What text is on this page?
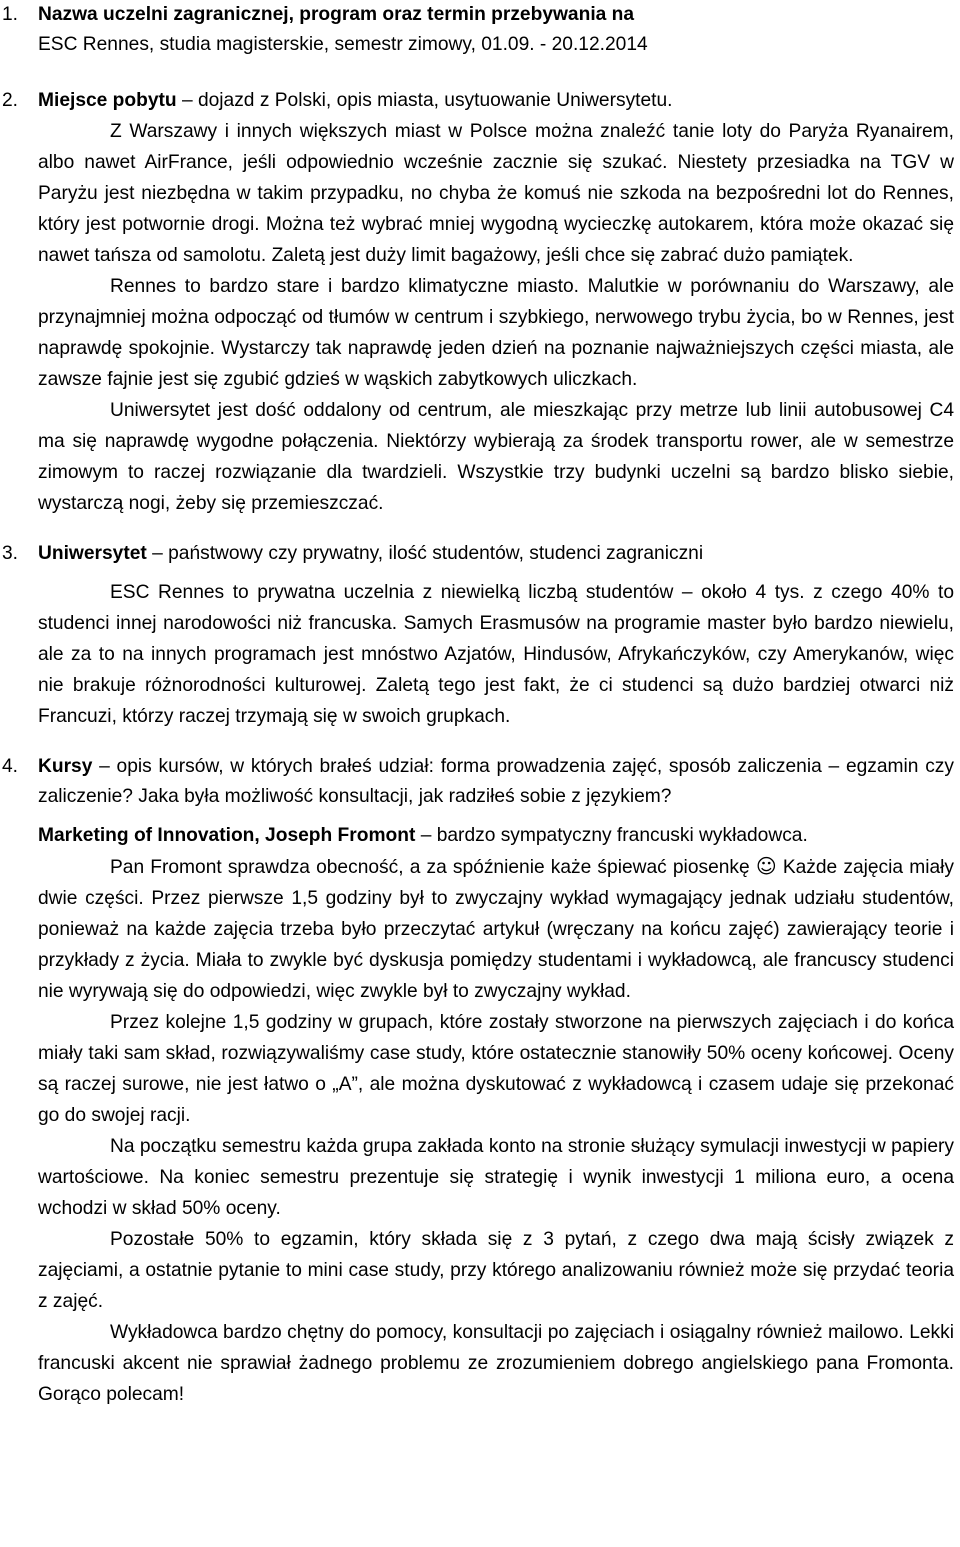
1.	Nazwa uczelni zagranicznej, program oraz termin przebywania na
ESC Rennes, studia magisterskie, semestr zimowy, 01.09. - 20.12.2014
2.	Miejsce pobytu – dojazd z Polski, opis miasta, usytuowanie Uniwersytetu.

Z Warszawy i innych większych miast w Polsce można znaleźć tanie loty do Paryża Ryanairem, albo nawet AirFrance, jeśli odpowiednio wcześnie zacznie się szukać. Niestety przesiadka na TGV w Paryżu jest niezbędna w takim przypadku, no chyba że komuś nie szkoda na bezpośredni lot do Rennes, który jest potwornie drogi. Można też wybrać mniej wygodną wycieczkę autokarem, która może okazać się nawet tańsza od samolotu. Zaletą jest duży limit bagażowy, jeśli chce się zabrać dużo pamiątek.

Rennes to bardzo stare i bardzo klimatyczne miasto. Malutkie w porównaniu do Warszawy, ale przynajmniej można odpocząć od tłumów w centrum i szybkiego, nerwowego trybu życia, bo w Rennes, jest naprawdę spokojnie. Wystarczy tak naprawdę jeden dzień na poznanie najważniejszych części miasta, ale zawsze fajnie jest się zgubić gdzieś w wąskich zabytkowych uliczkach.

Uniwersytet jest dość oddalony od centrum, ale mieszkając przy metrze lub linii autobusowej C4 ma się naprawdę wygodne połączenia. Niektórzy wybierają za środek transportu rower, ale w semestrze zimowym to raczej rozwiązanie dla twardzieli. Wszystkie trzy budynki uczelni są bardzo blisko siebie, wystarczą nogi, żeby się przemieszczać.

3.	Uniwersytet – państwowy czy prywatny, ilość studentów, studenci zagraniczni

ESC Rennes to prywatna uczelnia z niewielką liczbą studentów – około 4 tys. z czego 40% to studenci innej narodowości niż francuska. Samych Erasmusów na programie master było bardzo niewielu, ale za to na innych programach jest mnóstwo Azjatów, Hindusów, Afrykańczyków, czy Amerykanów, więc nie brakuje różnorodności kulturowej. Zaletą tego jest fakt, że ci studenci są dużo bardziej otwarci niż Francuzi, którzy raczej trzymają się w swoich grupkach.

4.	Kursy – opis kursów, w których brałeś udział: forma prowadzenia zajęć, sposób zaliczenia – egzamin czy zaliczenie? Jaka była możliwość konsultacji, jak radziłeś sobie z językiem?

Marketing of Innovation, Joseph Fromont – bardzo sympatyczny francuski wykładowca.

Pan Fromont sprawdza obecność, a za spóźnienie każe śpiewać piosenkę ☺ Każde zajęcia miały dwie części. Przez pierwsze 1,5 godziny był to zwyczajny wykład wymagający jednak udziału studentów, ponieważ na każde zajęcia trzeba było przeczytać artykuł (wręczany na końcu zajęć) zawierający teorie i przykłady z życia. Miała to zwykle być dyskusja pomiędzy studentami i wykładowcą, ale francuscy studenci nie wyrywają się do odpowiedzi, więc zwykle był to zwyczajny wykład.

Przez kolejne 1,5 godziny w grupach, które zostały stworzone na pierwszych zajęciach i do końca miały taki sam skład, rozwiązywaliśmy case study, które ostatecznie stanowiły 50% oceny końcowej. Oceny są raczej surowe, nie jest łatwo o „A”, ale można dyskutować z wykładowcą i czasem udaje się przekonać go do swojej racji.

Na początku semestru każda grupa zakłada konto na stronie służący symulacji inwestycji w papiery wartościowe. Na koniec semestru prezentuje się strategię i wynik inwestycji 1 miliona euro, a ocena wchodzi w skład 50% oceny.

Pozostałe 50% to egzamin, który składa się z 3 pytań, z czego dwa mają ścisły związek z zajęciami, a ostatnie pytanie to mini case study, przy którego analizowaniu również może się przydać teoria z zajęć.

Wykładowca bardzo chętny do pomocy, konsultacji po zajęciach i osiągalny również mailowo. Lekki francuski akcent nie sprawiał żadnego problemu ze zrozumieniem dobrego angielskiego pana Fromonta. Gorąco polecam!
